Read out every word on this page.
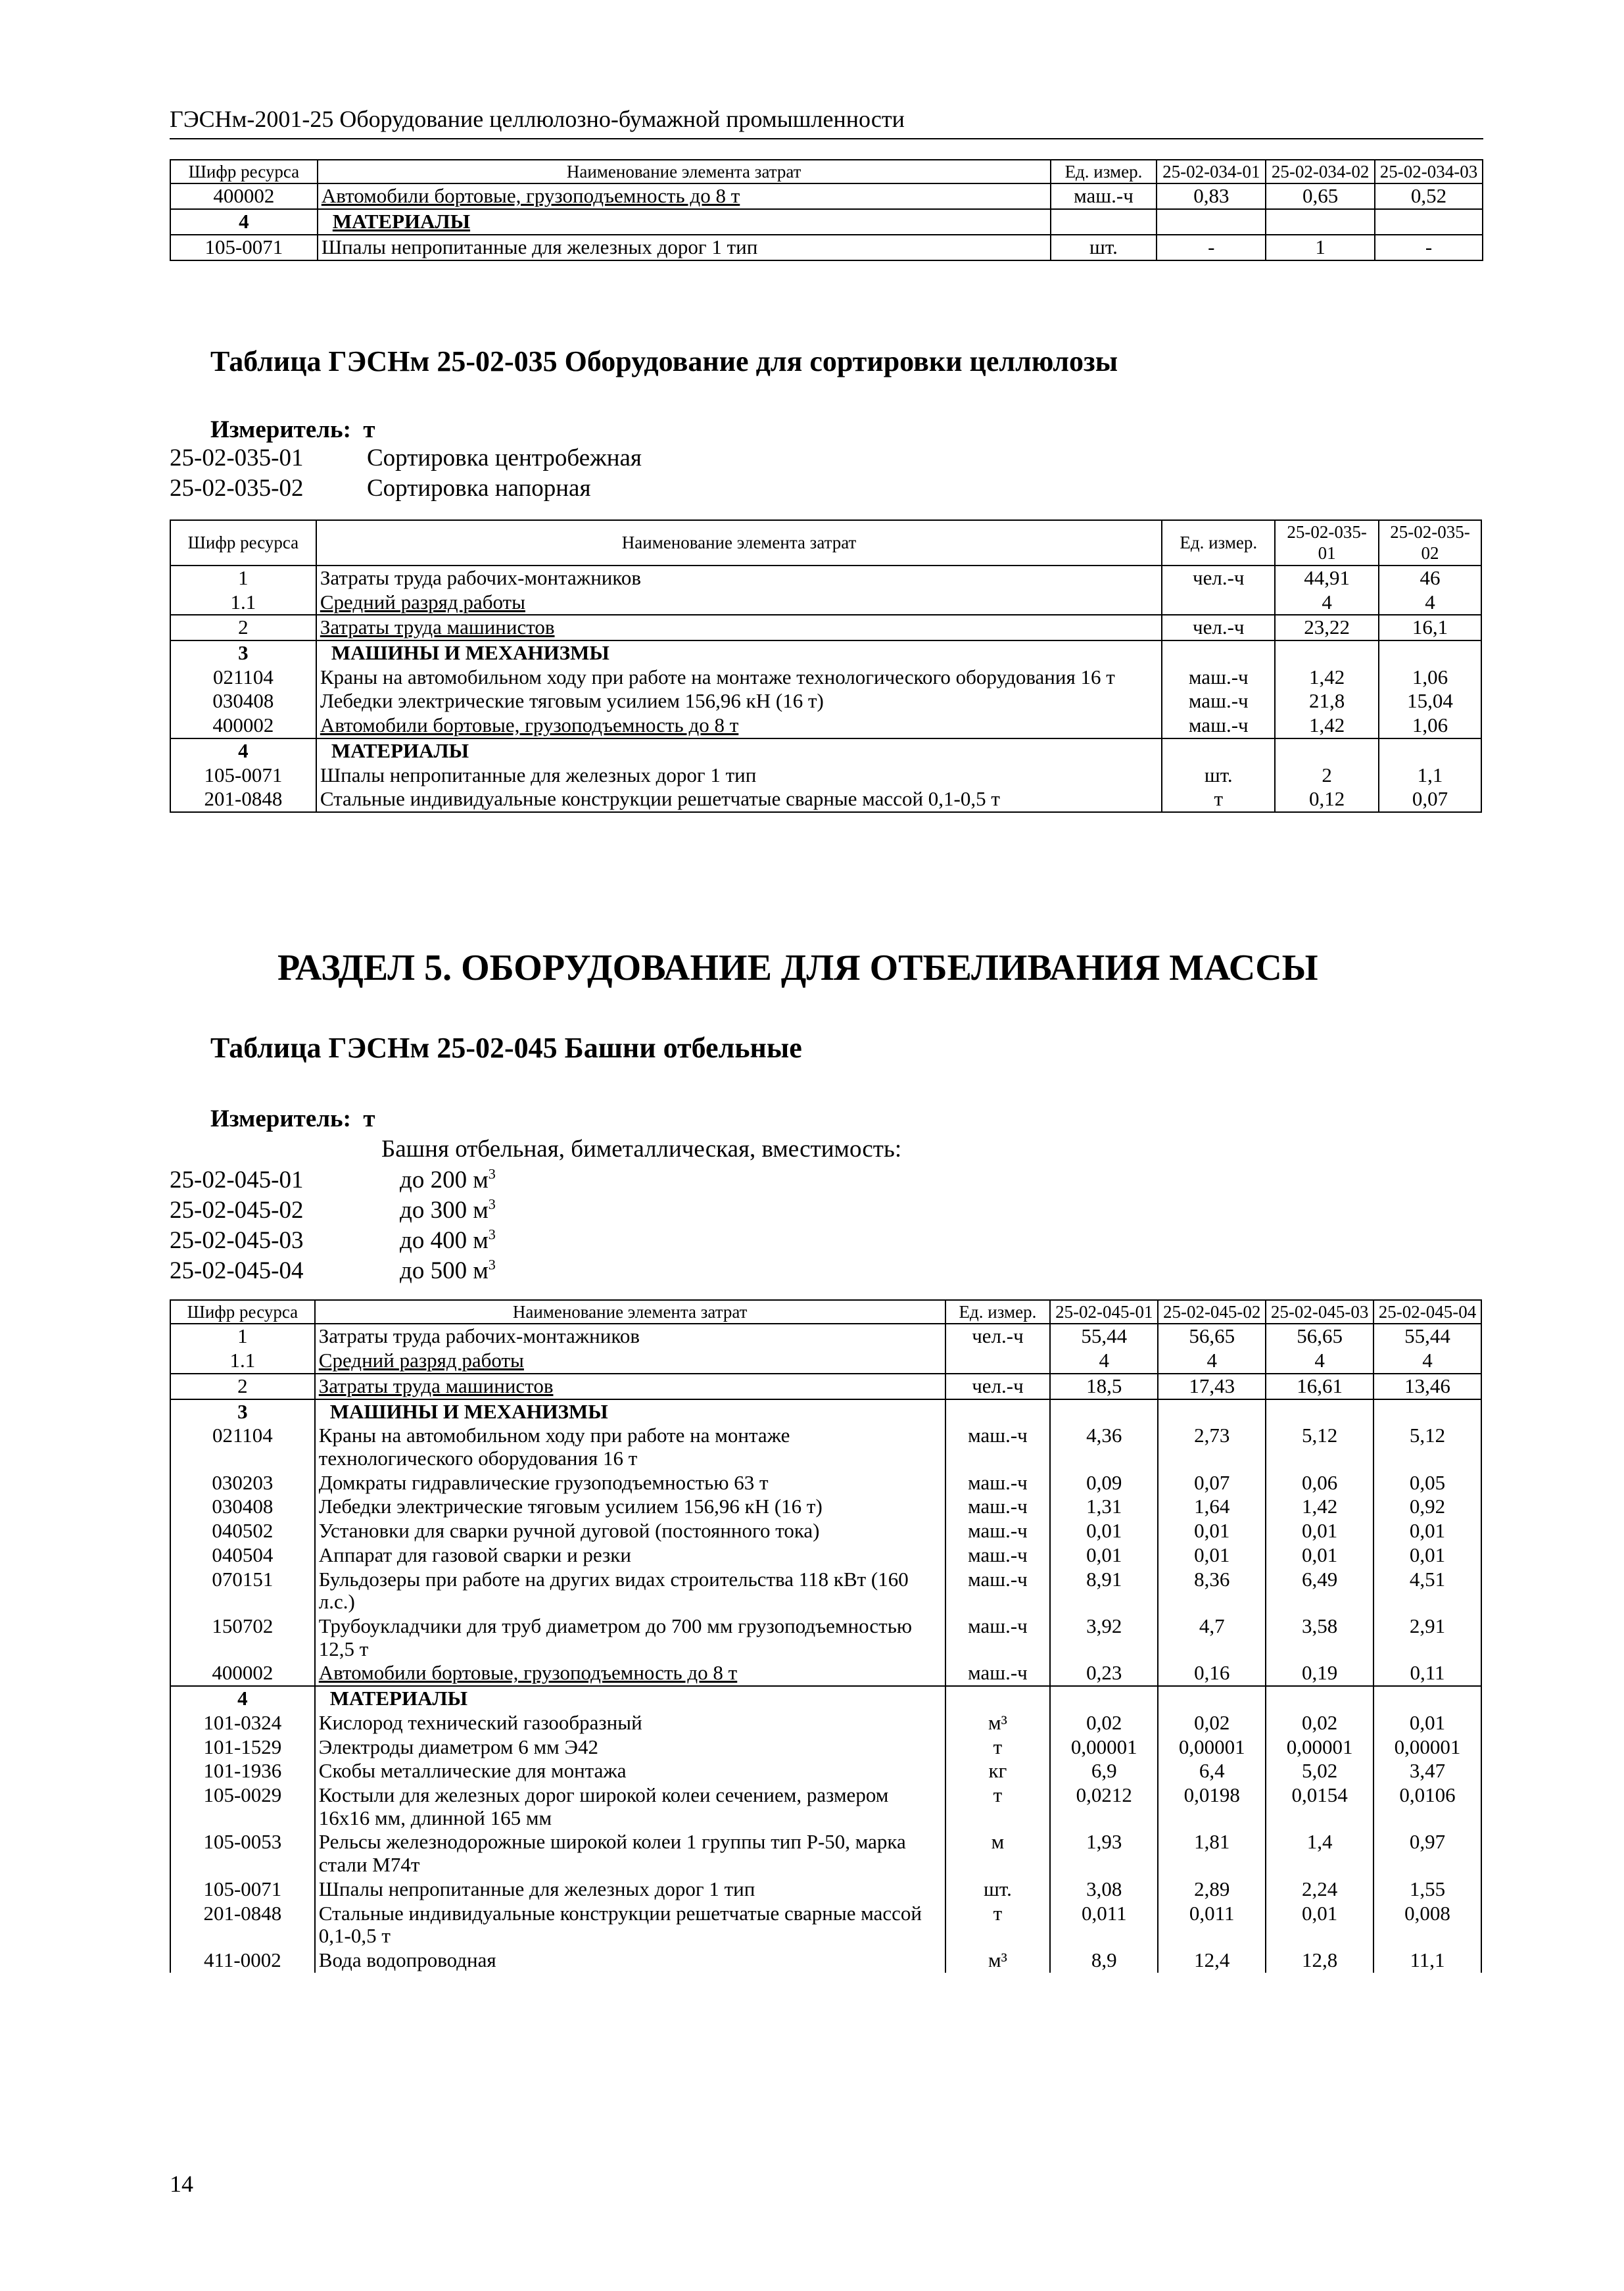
ГЭСНм-2001-25 Оборудование целлюлозно-бумажной промышленности
Шифр ресурса	Наименование элемента затрат	Ед. измер.	25-02-034-01	25-02-034-02	25-02-034-03
400002	Автомобили бортовые, грузоподъемность до 8 т	маш.-ч	0,83	0,65	0,52
4	МАТЕРИАЛЫ				
105-0071	Шпалы непропитанные для железных дорог 1 тип	шт.	-	1	-
Таблица ГЭСНм 25-02-035 Оборудование для сортировки целлюлозы
Измеритель: т
25-02-035-01	Сортировка центробежная
25-02-035-02	Сортировка напорная
Шифр ресурса	Наименование элемента затрат	Ед. измер.	25-02-035-01	25-02-035-02
1	Затраты труда рабочих-монтажников	чел.-ч	44,91	46
1.1	Средний разряд работы		4	4
2	Затраты труда машинистов	чел.-ч	23,22	16,1
3	МАШИНЫ И МЕХАНИЗМЫ			
021104	Краны на автомобильном ходу при работе на монтаже технологического оборудования 16 т	маш.-ч	1,42	1,06
030408	Лебедки электрические тяговым усилием 156,96 кН (16 т)	маш.-ч	21,8	15,04
400002	Автомобили бортовые, грузоподъемность до 8 т	маш.-ч	1,42	1,06
4	МАТЕРИАЛЫ			
105-0071	Шпалы непропитанные для железных дорог 1 тип	шт.	2	1,1
201-0848	Стальные индивидуальные конструкции решетчатые сварные массой 0,1-0,5 т	т	0,12	0,07
РАЗДЕЛ 5. ОБОРУДОВАНИЕ ДЛЯ ОТБЕЛИВАНИЯ МАССЫ
Таблица ГЭСНм 25-02-045 Башни отбельные
Измеритель: т
Башня отбельная, биметаллическая, вместимость:
25-02-045-01	до 200 $м^3$
25-02-045-02	до 300 $м^3$
25-02-045-03	до 400 $м^3$
25-02-045-04	до 500 $м^3$
Шифр ресурса	Наименование элемента затрат	Ед. измер.	25-02-045-01	25-02-045-02	25-02-045-03	25-02-045-04
1	Затраты труда рабочих-монтажников	чел.-ч	55,44	56,65	56,65	55,44
1.1	Средний разряд работы		4	4	4	4
2	Затраты труда машинистов	чел.-ч	18,5	17,43	16,61	13,46
3	МАШИНЫ И МЕХАНИЗМЫ					
021104	Краны на автомобильном ходу при работе на монтаже технологического оборудования 16 т	маш.-ч	4,36	2,73	5,12	5,12
030203	Домкраты гидравлические грузоподъемностью 63 т	маш.-ч	0,09	0,07	0,06	0,05
030408	Лебедки электрические тяговым усилием 156,96 кН (16 т)	маш.-ч	1,31	1,64	1,42	0,92
040502	Установки для сварки ручной дуговой (постоянного тока)	маш.-ч	0,01	0,01	0,01	0,01
040504	Аппарат для газовой сварки и резки	маш.-ч	0,01	0,01	0,01	0,01
070151	Бульдозеры при работе на других видах строительства 118 кВт (160 л.с.)	маш.-ч	8,91	8,36	6,49	4,51
150702	Трубоукладчики для труб диаметром до 700 мм грузоподъемностью 12,5 т	маш.-ч	3,92	4,7	3,58	2,91
400002	Автомобили бортовые, грузоподъемность до 8 т	маш.-ч	0,23	0,16	0,19	0,11
4	МАТЕРИАЛЫ					
101-0324	Кислород технический газообразный	м³	0,02	0,02	0,02	0,01
101-1529	Электроды диаметром 6 мм Э42	т	0,00001	0,00001	0,00001	0,00001
101-1936	Скобы металлические для монтажа	кг	6,9	6,4	5,02	3,47
105-0029	Костыли для железных дорог широкой колеи сечением, размером 16х16 мм, длинной 165 мм	т	0,0212	0,0198	0,0154	0,0106
105-0053	Рельсы железнодорожные широкой колеи 1 группы тип Р-50, марка стали М74т	м	1,93	1,81	1,4	0,97
105-0071	Шпалы непропитанные для железных дорог 1 тип	шт.	3,08	2,89	2,24	1,55
201-0848	Стальные индивидуальные конструкции решетчатые сварные массой 0,1-0,5 т	т	0,011	0,011	0,01	0,008
411-0002	Вода водопроводная	м³	8,9	12,4	12,8	11,1
14
